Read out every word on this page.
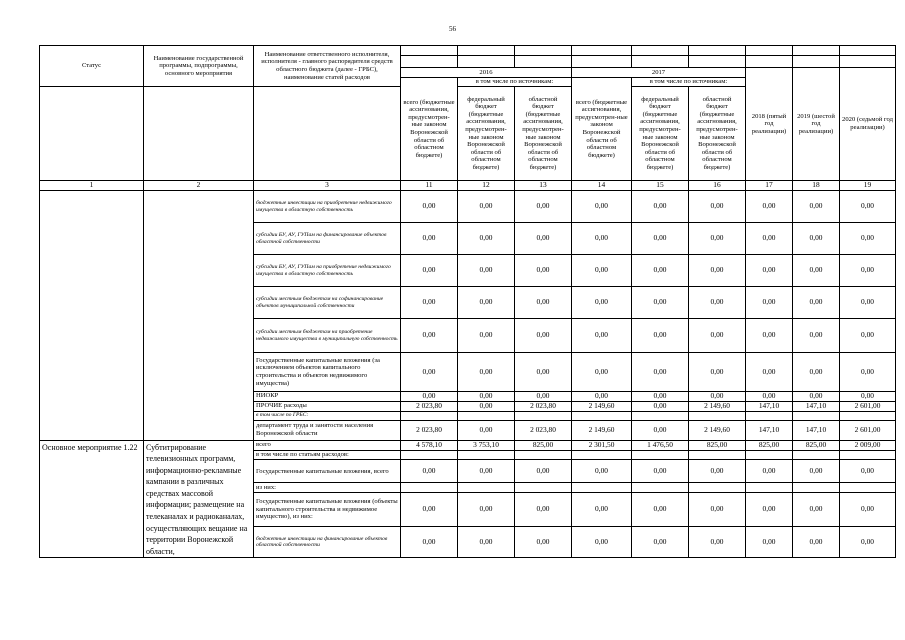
56
Статус	Наименование государственной программы, подпрограммы, основного мероприятия	Наименование ответственного исполнителя, исполнителя - главного распорядителя средств областного бюджета (далее - ГРБС), наименование статей расходов									

			2016			2017			2018 (пятый год реализации)	2019 (шестой год реализации)	2020 (седьмой год реализации)
			всего (бюджетные ассигнования, предусмотрен-ные законом Воронежской области об областном бюджете)	в том числе по источникам:		всего (бюджетные ассигнования, предусмотрен-ные законом Воронежской области об областном бюджете)	в том числе по источникам:				
				федеральный бюджет (бюджетные ассигнования, предусмотрен-ные законом Воронежской области об областном бюджете)	областной бюджет (бюджетные ассигнования, предусмотрен-ные законом Воронежской области об областном бюджете)		федеральный бюджет (бюджетные ассигнования, предусмотрен-ные законом Воронежской области об областном бюджете)	областной бюджет (бюджетные ассигнования, предусмотрен-ные законом Воронежской области об областном бюджете)			
1	2	3	11	12	13	14	15	16	17	18	19
		бюджетные инвестиции на приобретение недвижимого имущества в областную собственность	0,00	0,00	0,00	0,00	0,00	0,00	0,00	0,00	0,00
		субсидии БУ, АУ, ГУПам на финансирование объектов областной собственности	0,00	0,00	0,00	0,00	0,00	0,00	0,00	0,00	0,00
		субсидии БУ, АУ, ГУПам на приобретение недвижимого имущества в областную собственность	0,00	0,00	0,00	0,00	0,00	0,00	0,00	0,00	0,00
		субсидии местным бюджетам на софинансирование объектов муниципальной собственности	0,00	0,00	0,00	0,00	0,00	0,00	0,00	0,00	0,00
		субсидии местным бюджетам на приобретение недвижимого имущества в муниципальную собственность	0,00	0,00	0,00	0,00	0,00	0,00	0,00	0,00	0,00
		Государственные капитальные вложения (за исключением объектов капитального строительства и объектов недвижимого имущества)	0,00	0,00	0,00	0,00	0,00	0,00	0,00	0,00	0,00
		НИОКР	0,00	0,00	0,00	0,00	0,00	0,00	0,00	0,00	0,00
		ПРОЧИЕ расходы	2 023,80	0,00	2 023,80	2 149,60	0,00	2 149,60	147,10	147,10	2 601,00
		в том числе по ГРБС:									
		департамент труда и занятости населения Воронежской области	2 023,80	0,00	2 023,80	2 149,60	0,00	2 149,60	147,10	147,10	2 601,00
Основное мероприятие 1.22	Субтитрирование телевизионных программ, информационно-рекламные кампании в различных средствах массовой информации; размещение на телеканалах и радиоканалах, осуществляющих вещание на территории Воронежской области,	всего	4 578,10	3 753,10	825,00	2 301,50	1 476,50	825,00	825,00	825,00	2 009,00
		в том числе по статьям расходов:									
		Государственные капитальные вложения, всего	0,00	0,00	0,00	0,00	0,00	0,00	0,00	0,00	0,00
		из них:									
		Государственные капитальные вложения (объекты капитального строительства и недвижимое имущество), из них:	0,00	0,00	0,00	0,00	0,00	0,00	0,00	0,00	0,00
		бюджетные инвестиции на финансирование объектов областной собственности	0,00	0,00	0,00	0,00	0,00	0,00	0,00	0,00	0,00
